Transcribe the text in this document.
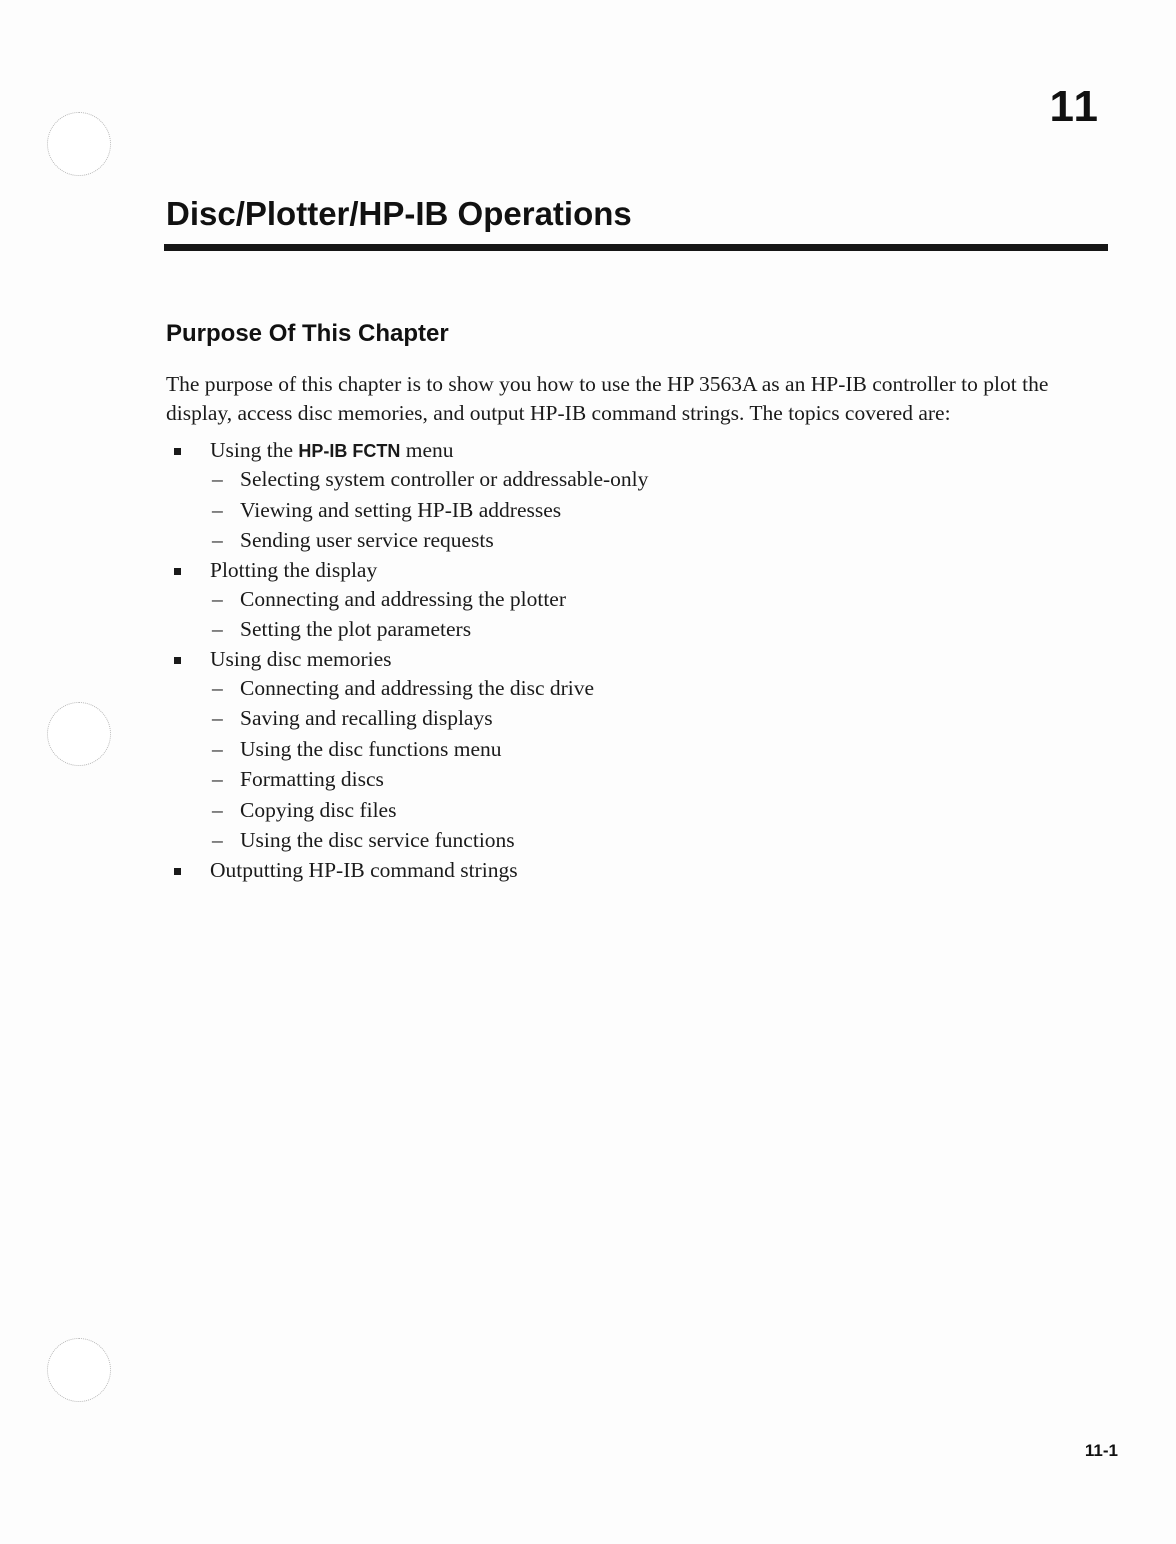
11
Disc/Plotter/HP-IB Operations
Purpose Of This Chapter

The purpose of this chapter is to show you how to use the HP 3563A as an HP-IB controller to plot the display, access disc memories, and output HP-IB command strings. The topics covered are:

Using the HP-IB FCTN menu
– Selecting system controller or addressable-only
– Viewing and setting HP-IB addresses
– Sending user service requests
Plotting the display
– Connecting and addressing the plotter
– Setting the plot parameters
Using disc memories
– Connecting and addressing the disc drive
– Saving and recalling displays
– Using the disc functions menu
– Formatting discs
– Copying disc files
– Using the disc service functions
Outputting HP-IB command strings
11-1
